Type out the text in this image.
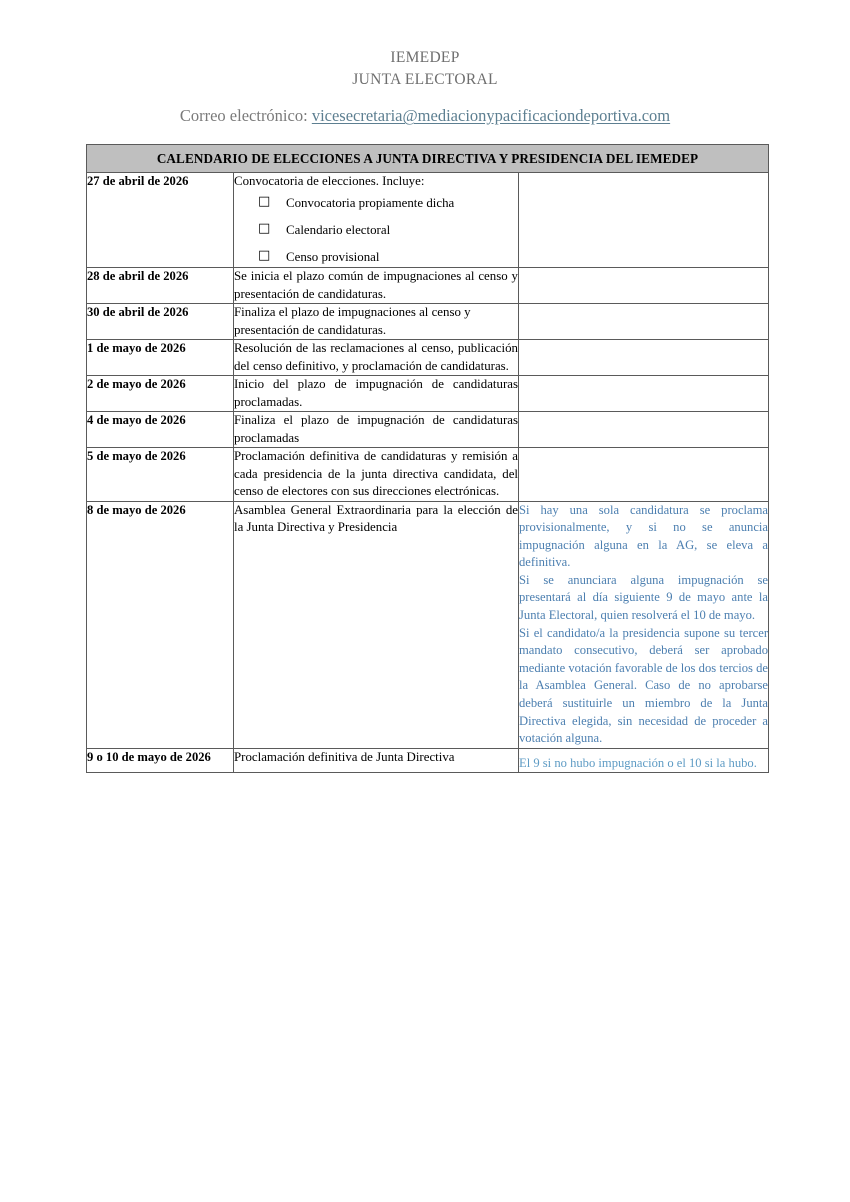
IEMEDEP
JUNTA ELECTORAL
Correo electrónico: vicesecretaria@mediacionypacificaciondeportiva.com
CALENDARIO DE ELECCIONES A JUNTA DIRECTIVA Y PRESIDENCIA DEL IEMEDEP		
27 de abril de 2026	Convocatoria de elecciones. Incluye:

□ Convocatoria propiamente dicha
□ Calendario electoral
□ Censo provisional

28 de abril de 2026	Se inicia el plazo común de impugnaciones al censo y presentación de candidaturas.	
30 de abril de 2026	Finaliza el plazo de impugnaciones al censo y presentación de candidaturas.	
1 de mayo de 2026	Resolución de las reclamaciones al censo, publicación del censo definitivo, y proclamación de candidaturas.	
2 de mayo de 2026	Inicio del plazo de impugnación de candidaturas proclamadas.	
4 de mayo de 2026	Finaliza el plazo de impugnación de candidaturas proclamadas	
5 de mayo de 2026	Proclamación definitiva de candidaturas y remisión a cada presidencia de la junta directiva candidata, del censo de electores con sus direcciones electrónicas.	
8 de mayo de 2026	Asamblea General Extraordinaria para la elección de la Junta Directiva y Presidencia	Si hay una sola candidatura se proclama provisionalmente, y si no se anuncia impugnación alguna en la AG, se eleva a definitiva.

Si se anunciara alguna impugnación se presentará al día siguiente 9 de mayo ante la Junta Electoral, quien resolverá el 10 de mayo.

Si el candidato/a la presidencia supone su tercer mandato consecutivo, deberá ser aprobado mediante votación favorable de los dos tercios de la Asamblea General. Caso de no aprobarse deberá sustituirle un miembro de la Junta Directiva elegida, sin necesidad de proceder a votación alguna.

9 o 10 de mayo de 2026	Proclamación definitiva de Junta Directiva	El 9 si no hubo impugnación o el 10 si la hubo.
